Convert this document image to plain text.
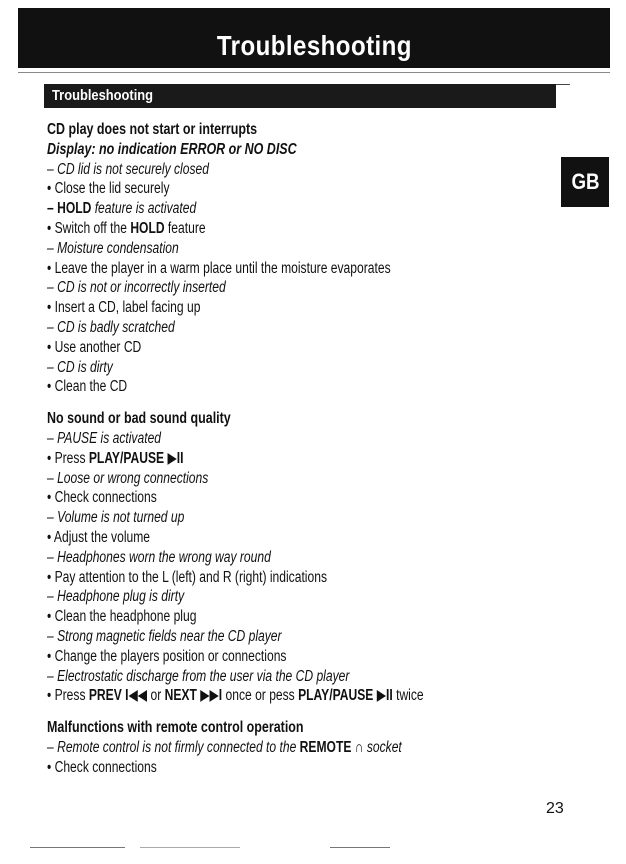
Troubleshooting
Troubleshooting
GB
CD play does not start or interrupts
Display: no indication ERROR or NO DISC
– CD lid is not securely closed
• Close the lid securely
– HOLD feature is activated
• Switch off the HOLD feature
– Moisture condensation
• Leave the player in a warm place until the moisture evaporates
– CD is not or incorrectly inserted
• Insert a CD, label facing up
– CD is badly scratched
• Use another CD
– CD is dirty
• Clean the CD
No sound or bad sound quality
– PAUSE is activated
• Press PLAY/PAUSE ▶II
– Loose or wrong connections
• Check connections
– Volume is not turned up
• Adjust the volume
– Headphones worn the wrong way round
• Pay attention to the L (left) and R (right) indications
– Headphone plug is dirty
• Clean the headphone plug
– Strong magnetic fields near the CD player
• Change the players position or connections
– Electrostatic discharge from the user via the CD player
• Press PREV I◀◀ or NEXT ▶▶I once or pess PLAY/PAUSE ▶II twice
Malfunctions with remote control operation
– Remote control is not firmly connected to the REMOTE ∩ socket
• Check connections
23
